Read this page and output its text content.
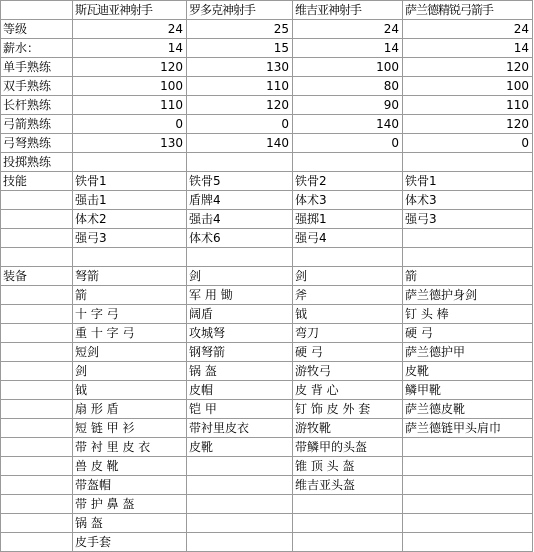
	斯瓦迪亚神射手	罗多克神射手	维吉亚神射手	萨兰德精锐弓箭手
等级	24	25	24	24
薪水：	14	15	14	14
单手熟练	120	130	100	120
双手熟练	100	110	80	100
长杆熟练	110	120	90	110
弓箭熟练	0	0	140	120
弓弩熟练	130	140	0	0
投掷熟练				
技能	铁骨1	铁骨5	铁骨2	铁骨1
	强击1	盾牌4	体术3	体术3
	体术2	强击4	强掷1	强弓3
	强弓3	体术6	强弓4	

装备	弩箭	剑	剑	箭
	箭	军 用 锄	斧	萨兰德护身剑
	十 字 弓	阔盾	钺	钉 头 棒
	重 十 字 弓	攻城弩	弯刀	硬 弓
	短剑	钢弩箭	硬 弓	萨兰德护甲
	剑	锅 盔	游牧弓	皮靴
	钺	皮帽	皮 背 心	鳞甲靴
	扇 形 盾	铠 甲	钉 饰 皮 外 套	萨兰德皮靴
	短 链 甲 衫	带衬里皮衣	游牧靴	萨兰德链甲头肩巾
	带 衬 里 皮 衣	皮靴	带鳞甲的头盔	
	兽 皮 靴		锥 顶 头 盔	
	带盔帽		维吉亚头盔	
	带 护 鼻 盔			
	锅 盔			
	皮手套			
